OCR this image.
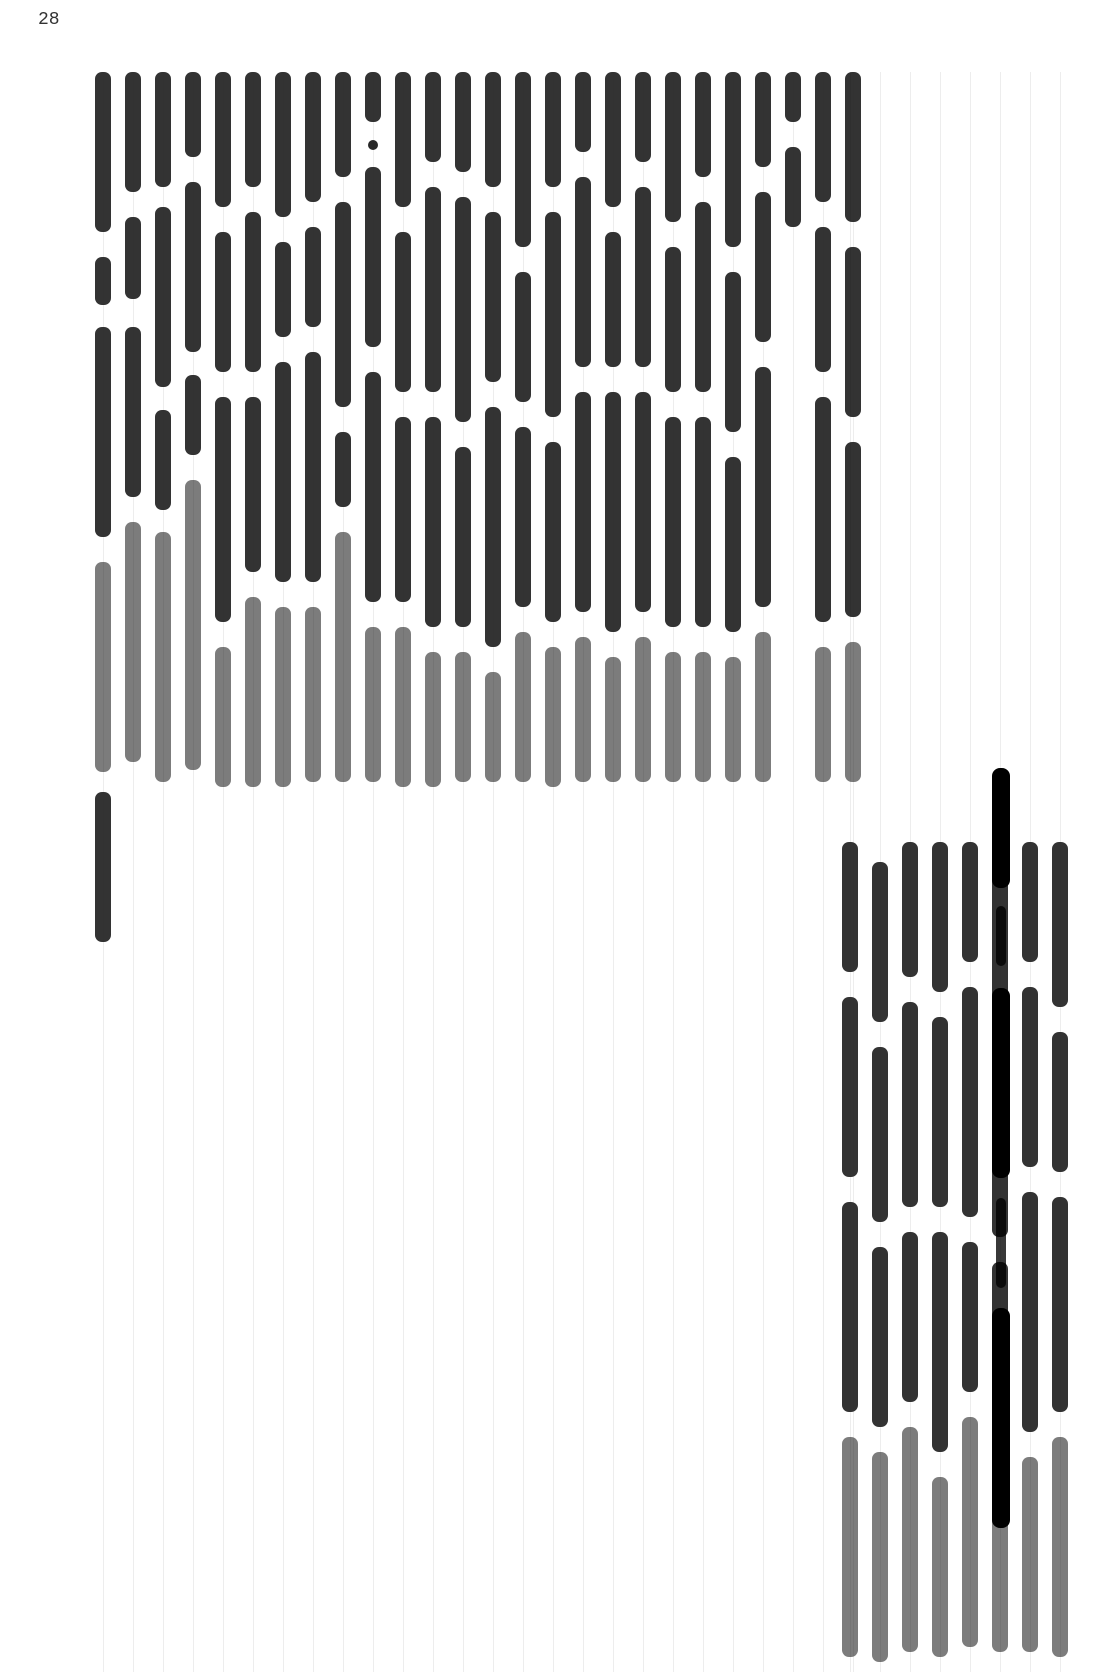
28
